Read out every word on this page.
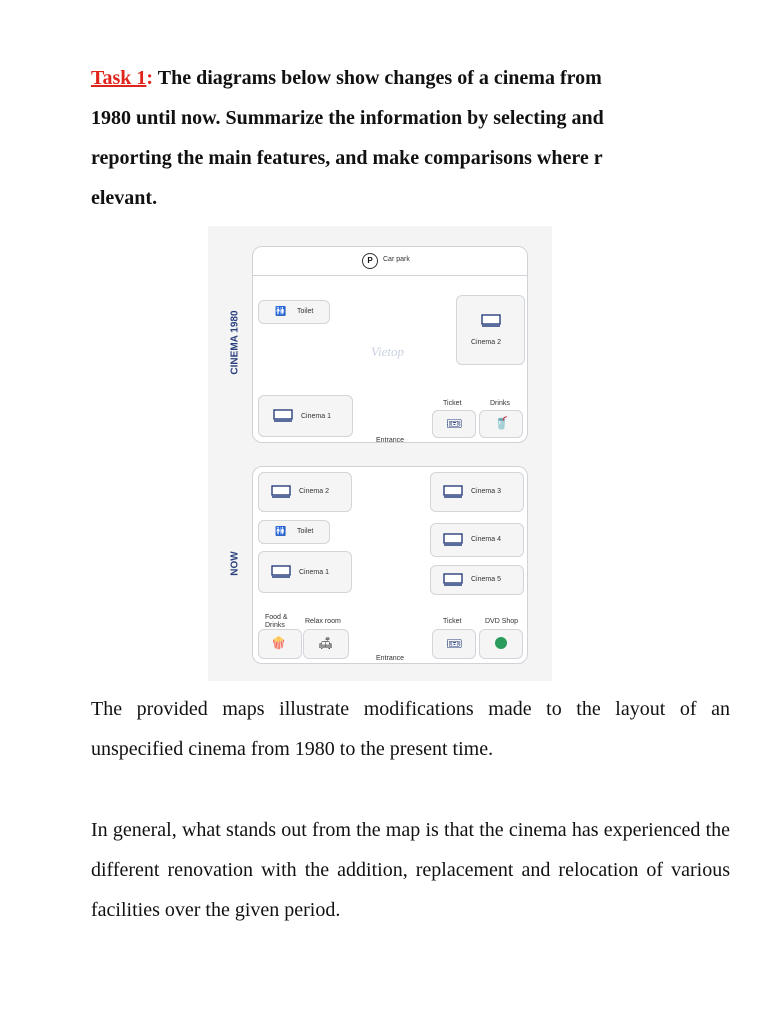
Task 1: The diagrams below show changes of a cinema from

1980 until now. Summarize the information by selecting and

reporting the main features, and make comparisons where r

elevant.

P	Car park
🚻 Toilet
Cinema 2
Vietop
Cinema 1
Ticket	Drinks
🎟	🥤
Entrance
CINEMA 1980
Cinema 2
🚻 Toilet
Cinema 1
Cinema 3
Cinema 4
Cinema 5
Food &
Drinks
Relax room	Ticket	DVD Shop
🍿	🛋	🎟
Entrance
NOW

The provided maps illustrate modifications made to the layout of an unspecified cinema from 1980 to the present time.

In general, what stands out from the map is that the cinema has experienced the different renovation with the addition, replacement and relocation of various facilities over the given period.
